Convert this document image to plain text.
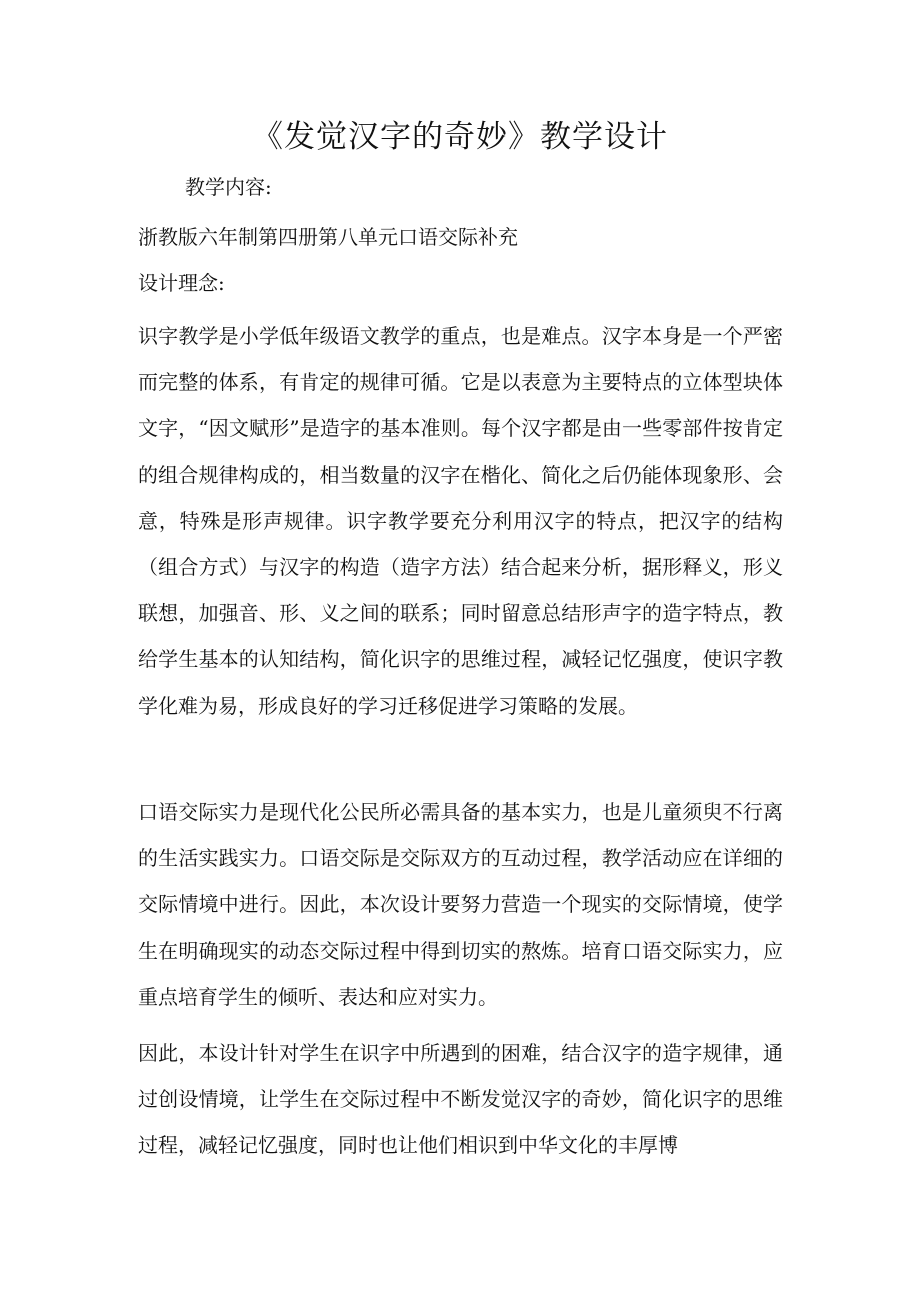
《发觉汉字的奇妙》教学设计

教学内容:

浙教版六年制第四册第八单元口语交际补充

设计理念:

识字教学是小学低年级语文教学的重点，也是难点。汉字本身是一个严密而完整的体系，有肯定的规律可循。它是以表意为主要特点的立体型块体文字，“因文赋形”是造字的基本准则。每个汉字都是由一些零部件按肯定的组合规律构成的，相当数量的汉字在楷化、简化之后仍能体现象形、会意，特殊是形声规律。识字教学要充分利用汉字的特点，把汉字的结构（组合方式）与汉字的构造（造字方法）结合起来分析，据形释义，形义联想，加强音、形、义之间的联系；同时留意总结形声字的造字特点，教给学生基本的认知结构，简化识字的思维过程，减轻记忆强度，使识字教学化难为易，形成良好的学习迁移促进学习策略的发展。

口语交际实力是现代化公民所必需具备的基本实力，也是儿童须臾不行离的生活实践实力。口语交际是交际双方的互动过程，教学活动应在详细的交际情境中进行。因此，本次设计要努力营造一个现实的交际情境，使学生在明确现实的动态交际过程中得到切实的熬炼。培育口语交际实力，应重点培育学生的倾听、表达和应对实力。

因此，本设计针对学生在识字中所遇到的困难，结合汉字的造字规律，通过创设情境，让学生在交际过程中不断发觉汉字的奇妙，简化识字的思维过程，减轻记忆强度，同时也让他们相识到中华文化的丰厚博
